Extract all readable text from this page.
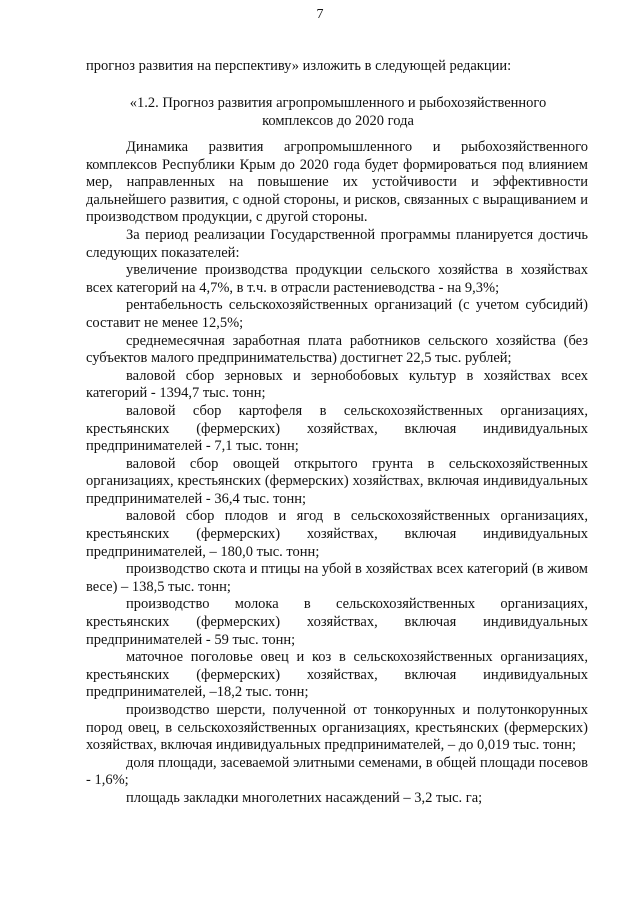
7
прогноз развития на перспективу» изложить в следующей редакции:
«1.2. Прогноз развития агропромышленного и рыбохозяйственного
комплексов до 2020 года

Динамика развития агропромышленного и рыбохозяйственного комплексов Республики Крым до 2020 года будет формироваться под влиянием мер, направленных на повышение их устойчивости и эффективности дальнейшего развития, с одной стороны, и рисков, связанных с выращиванием и производством продукции, с другой стороны.

За период реализации Государственной программы планируется достичь следующих показателей:

увеличение производства продукции сельского хозяйства в хозяйствах всех категорий на 4,7%, в т.ч. в отрасли растениеводства - на 9,3%;

рентабельность сельскохозяйственных организаций (с учетом субсидий) составит не менее 12,5%;

среднемесячная заработная плата работников сельского хозяйства (без субъектов малого предпринимательства) достигнет 22,5 тыс. рублей;

валовой сбор зерновых и зернобобовых культур в хозяйствах всех категорий - 1394,7 тыс. тонн;

валовой сбор картофеля в сельскохозяйственных организациях, крестьянских (фермерских) хозяйствах, включая индивидуальных предпринимателей - 7,1 тыс. тонн;

валовой сбор овощей открытого грунта в сельскохозяйственных организациях, крестьянских (фермерских) хозяйствах, включая индивидуальных предпринимателей - 36,4 тыс. тонн;

валовой сбор плодов и ягод в сельскохозяйственных организациях, крестьянских (фермерских) хозяйствах, включая индивидуальных предпринимателей, – 180,0 тыс. тонн;

производство скота и птицы на убой в хозяйствах всех категорий (в живом весе) – 138,5 тыс. тонн;

производство молока в сельскохозяйственных организациях, крестьянских (фермерских) хозяйствах, включая индивидуальных предпринимателей - 59 тыс. тонн;

маточное поголовье овец и коз в сельскохозяйственных организациях, крестьянских (фермерских) хозяйствах, включая индивидуальных предпринимателей, –18,2 тыс. тонн;

производство шерсти, полученной от тонкорунных и полутонкорунных пород овец, в сельскохозяйственных организациях, крестьянских (фермерских) хозяйствах, включая индивидуальных предпринимателей, – до 0,019 тыс. тонн;

доля площади, засеваемой элитными семенами, в общей площади посевов - 1,6%;

площадь закладки многолетних насаждений – 3,2 тыс. га;
